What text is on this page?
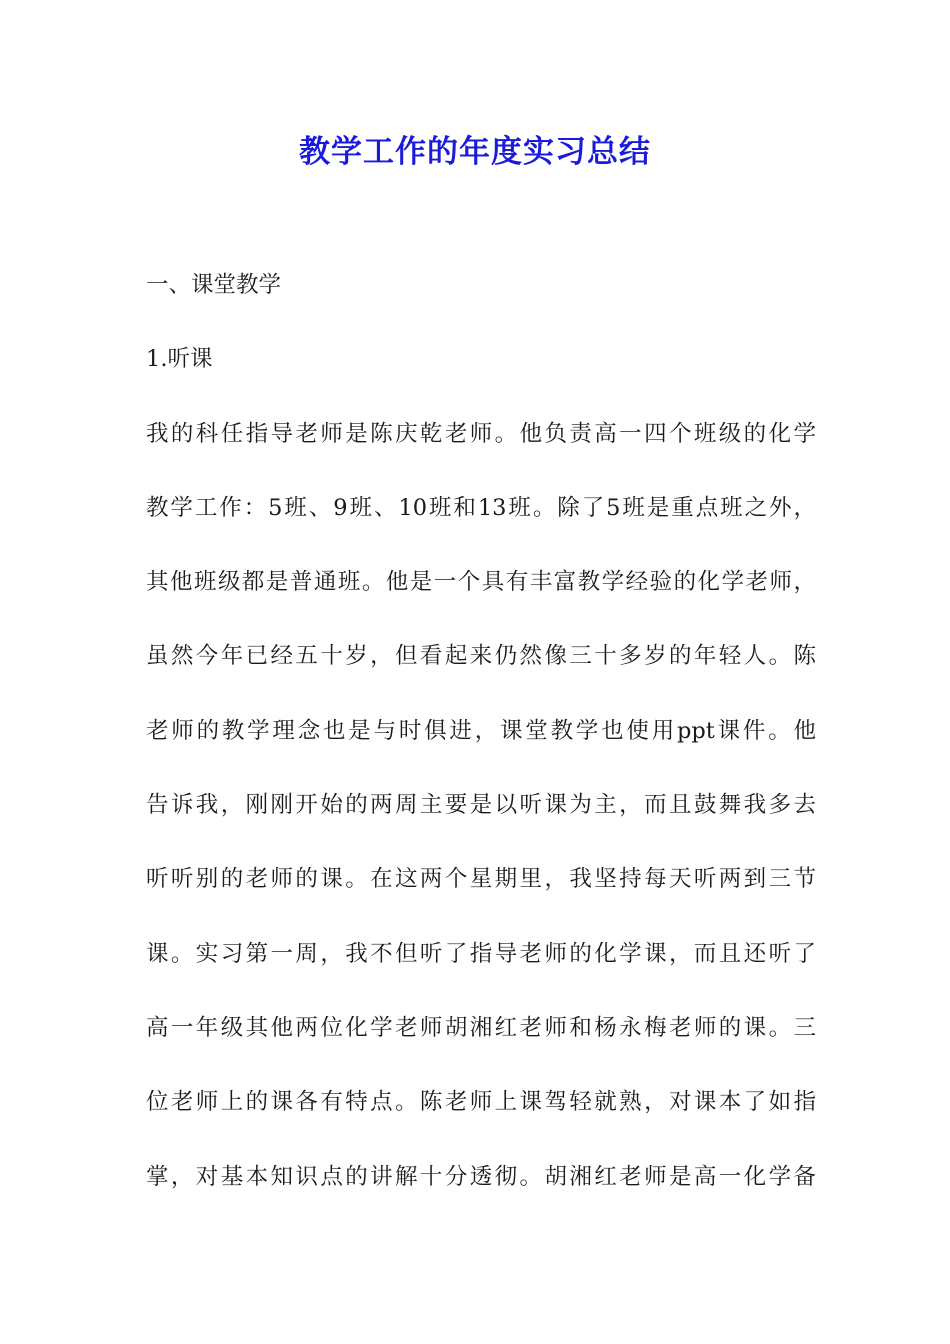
教学工作的年度实习总结

一、课堂教学

1.听课

我的科任指导老师是陈庆乾老师。他负责高一四个班级的化学

教学工作：5班、9班、10班和13班。除了5班是重点班之外，

其他班级都是普通班。他是一个具有丰富教学经验的化学老师，

虽然今年已经五十岁，但看起来仍然像三十多岁的年轻人。陈

老师的教学理念也是与时俱进，课堂教学也使用ppt课件。他

告诉我，刚刚开始的两周主要是以听课为主，而且鼓舞我多去

听听别的老师的课。在这两个星期里，我坚持每天听两到三节

课。实习第一周，我不但听了指导老师的化学课，而且还听了

高一年级其他两位化学老师胡湘红老师和杨永梅老师的课。三

位老师上的课各有特点。陈老师上课驾轻就熟，对课本了如指

掌，对基本知识点的讲解十分透彻。胡湘红老师是高一化学备
